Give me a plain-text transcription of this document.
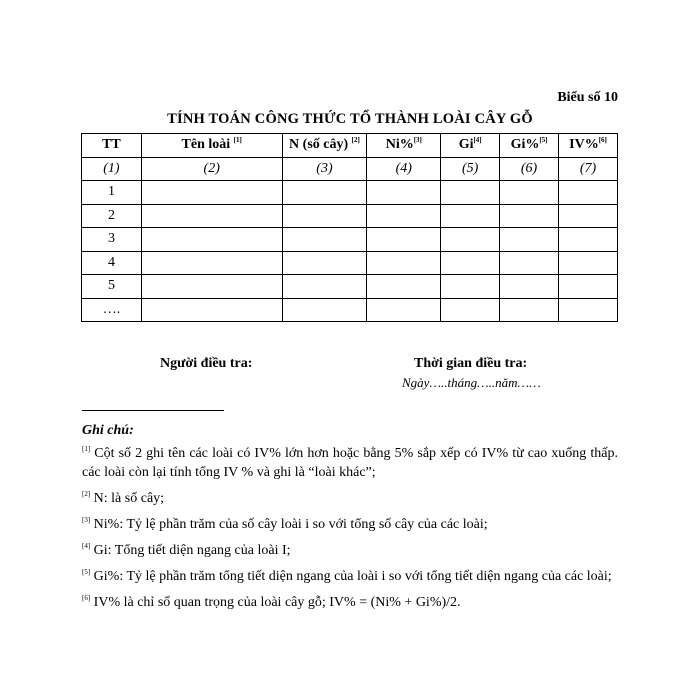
Biểu số 10
TÍNH TOÁN CÔNG THỨC TỔ THÀNH LOÀI CÂY GỖ
TT	Tên loài [1]	N (số cây) [2]	Ni%[3]	Gi[4]	Gi%[5]	IV%[6]
(1)	(2)	(3)	(4)	(5)	(6)	(7)
1						
2						
3						
4						
5						
….						
Người điều tra:	Thời gian điều tra:
Ngày…..tháng…..năm……
Ghi chú:

[1] Cột số 2 ghi tên các loài có IV% lớn hơn hoặc bằng 5% sắp xếp có IV% từ cao xuống thấp. các loài còn lại tính tổng IV % và ghi là “loài khác”;

[2] N: là số cây;

[3] Ni%: Tỷ lệ phần trăm của số cây loài i so với tổng số cây của các loài;

[4] Gi: Tổng tiết diện ngang của loài I;

[5] Gi%: Tỷ lệ phần trăm tổng tiết diện ngang của loài i so với tổng tiết diện ngang của các loài;

[6] IV% là chỉ số quan trọng của loài cây gỗ; IV% = (Ni% + Gi%)/2.
